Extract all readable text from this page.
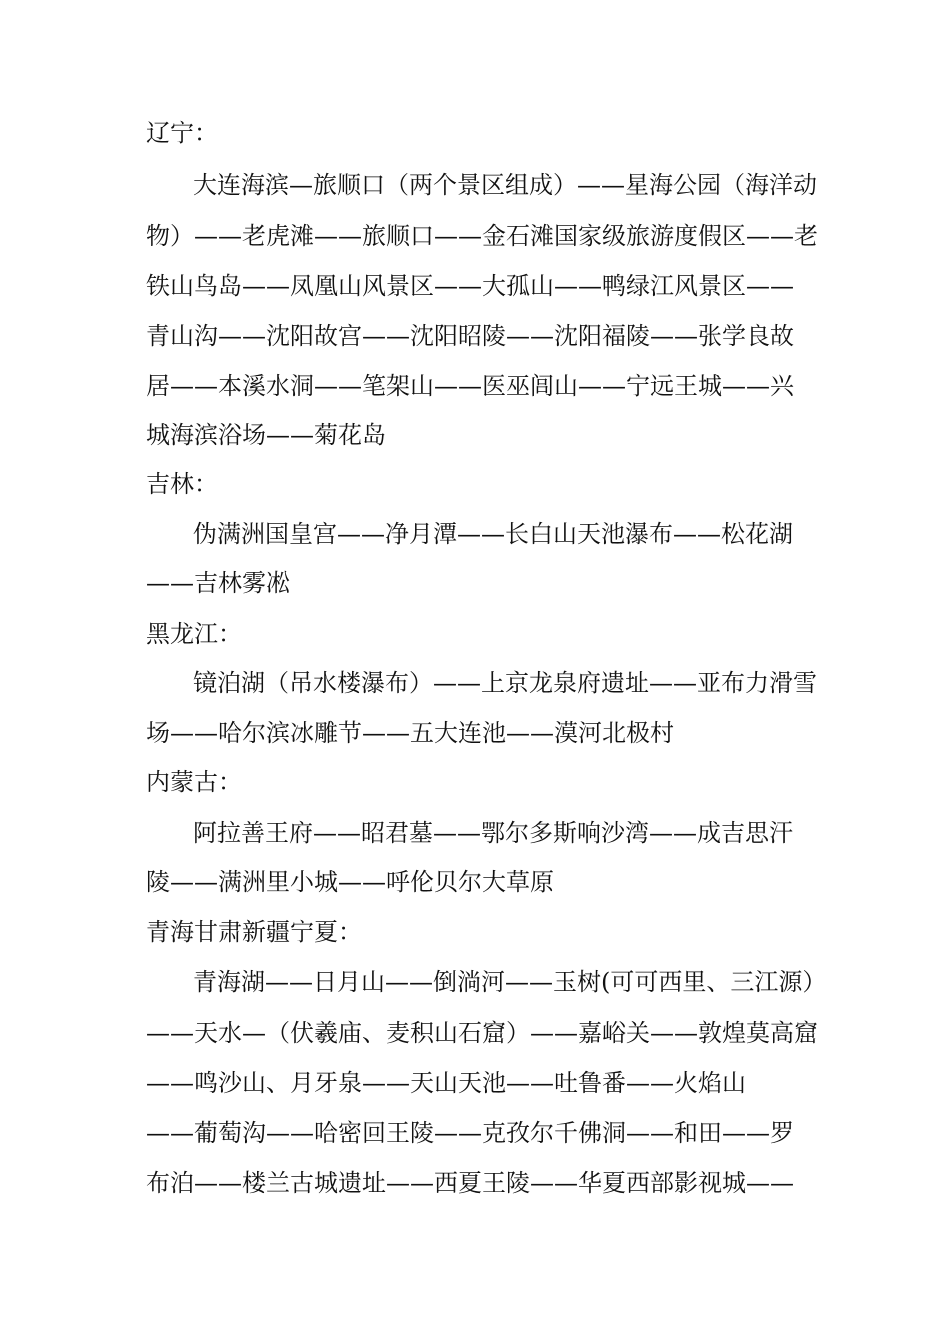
辽宁：
大连海滨—旅顺口（两个景区组成）——星海公园（海洋动
物）——老虎滩——旅顺口——金石滩国家级旅游度假区——老
铁山鸟岛——凤凰山风景区——大孤山——鸭绿江风景区——
青山沟——沈阳故宫——沈阳昭陵——沈阳福陵——张学良故
居——本溪水洞——笔架山——医巫闾山——宁远王城——兴
城海滨浴场——菊花岛
吉林：
伪满洲国皇宫——净月潭——长白山天池瀑布——松花湖
——吉林雾凇
黑龙江：
镜泊湖（吊水楼瀑布）——上京龙泉府遗址——亚布力滑雪
场——哈尔滨冰雕节——五大连池——漠河北极村
内蒙古：
阿拉善王府——昭君墓——鄂尔多斯响沙湾——成吉思汗
陵——满洲里小城——呼伦贝尔大草原
青海甘肃新疆宁夏：
青海湖——日月山——倒淌河——玉树(可可西里、三江源）
——天水—（伏羲庙、麦积山石窟）——嘉峪关——敦煌莫高窟
——鸣沙山、月牙泉——天山天池——吐鲁番——火焰山
——葡萄沟——哈密回王陵——克孜尔千佛洞——和田——罗
布泊——楼兰古城遗址——西夏王陵——华夏西部影视城——
